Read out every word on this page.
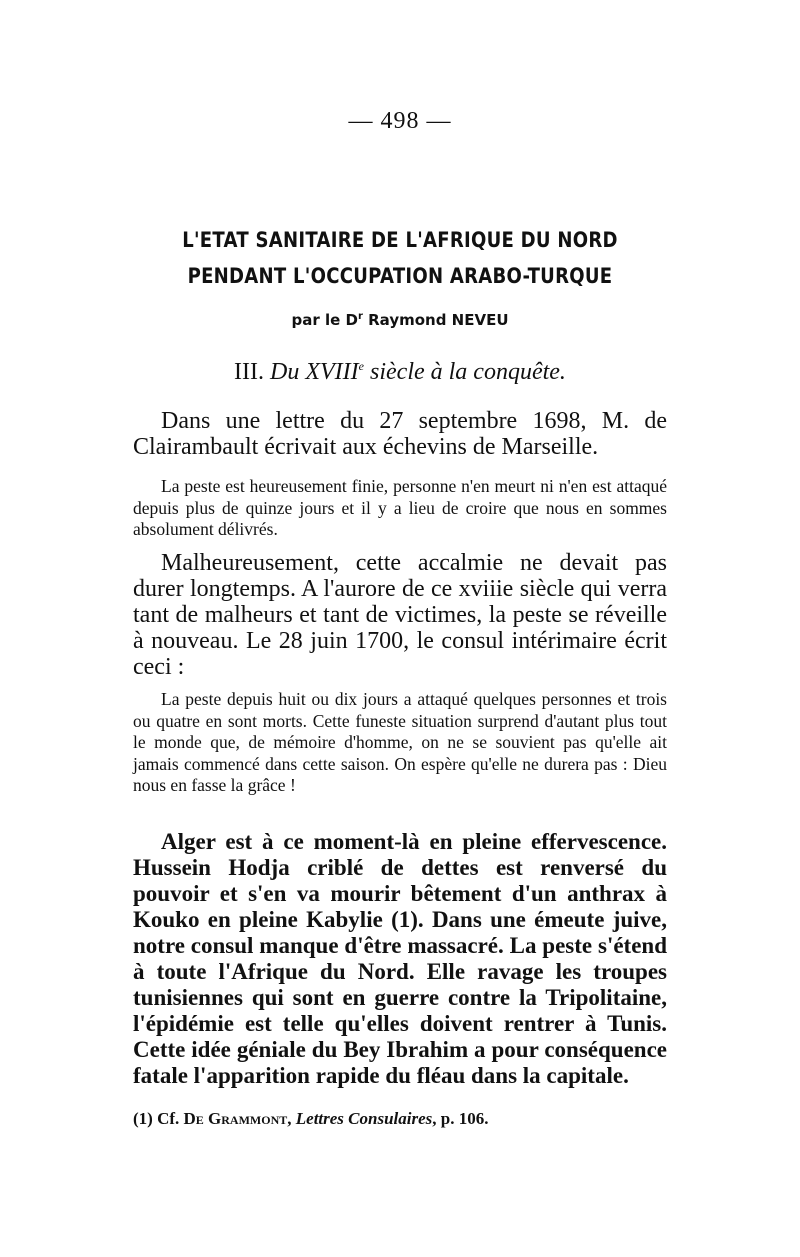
— 498 —
L'ETAT SANITAIRE DE L'AFRIQUE DU NORD
PENDANT L'OCCUPATION ARABO-TURQUE
par le $D^r$ Raymond NEVEU
III. Du XVIIIe siècle à la conquête.

Dans une lettre du 27 septembre 1698, M. de Clairambault écrivait aux échevins de Marseille.

La peste est heureusement finie, personne n'en meurt ni n'en est attaqué depuis plus de quinze jours et il y a lieu de croire que nous en sommes absolument délivrés.

Malheureusement, cette accalmie ne devait pas durer longtemps. A l'aurore de ce xviiie siècle qui verra tant de malheurs et tant de victimes, la peste se réveille à nouveau. Le 28 juin 1700, le consul intérimaire écrit ceci :

La peste depuis huit ou dix jours a attaqué quelques personnes et trois ou quatre en sont morts. Cette funeste situation surprend d'autant plus tout le monde que, de mémoire d'homme, on ne se souvient pas qu'elle ait jamais commencé dans cette saison. On espère qu'elle ne durera pas : Dieu nous en fasse la grâce !

Alger est à ce moment-là en pleine effervescence. Hussein Hodja criblé de dettes est renversé du pouvoir et s'en va mourir bêtement d'un anthrax à Kouko en pleine Kabylie (1). Dans une émeute juive, notre consul manque d'être massacré. La peste s'étend à toute l'Afrique du Nord. Elle ravage les troupes tunisiennes qui sont en guerre contre la Tripolitaine, l'épidémie est telle qu'elles doivent rentrer à Tunis. Cette idée géniale du Bey Ibrahim a pour conséquence fatale l'apparition rapide du fléau dans la capitale.

(1) Cf. De Grammont, Lettres Consulaires, p. 106.
